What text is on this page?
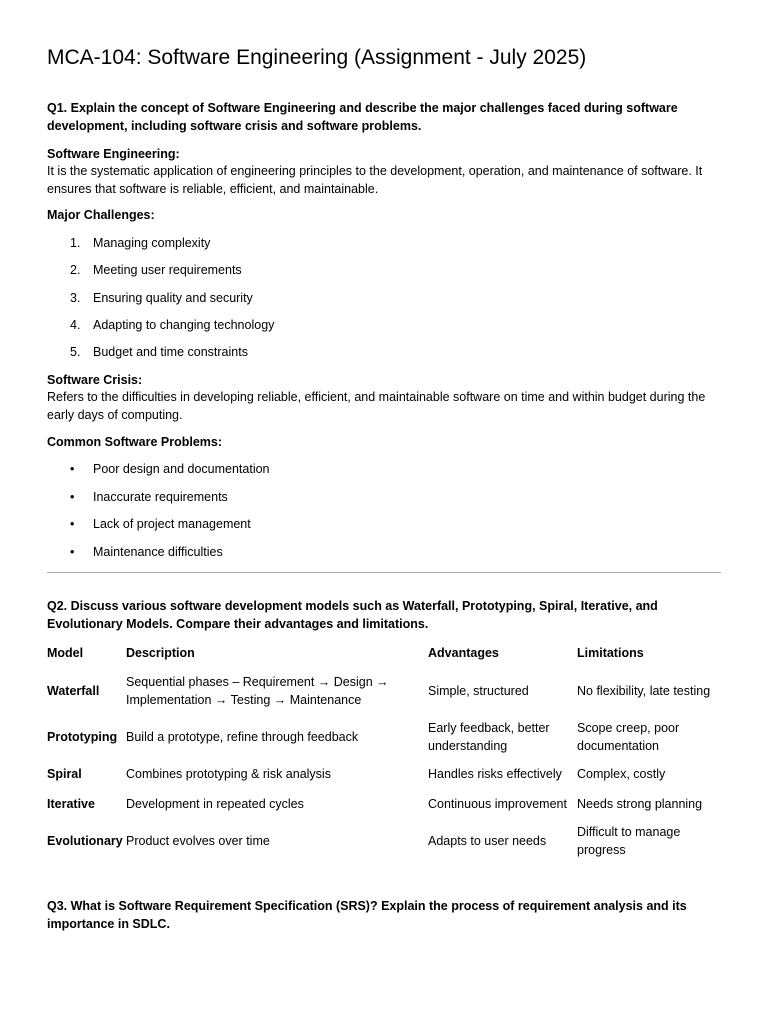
MCA-104: Software Engineering (Assignment - July 2025)
Q1. Explain the concept of Software Engineering and describe the major challenges faced during software development, including software crisis and software problems.
Software Engineering:
It is the systematic application of engineering principles to the development, operation, and maintenance of software. It ensures that software is reliable, efficient, and maintainable.
Major Challenges:
1.	Managing complexity
2.	Meeting user requirements
3.	Ensuring quality and security
4.	Adapting to changing technology
5.	Budget and time constraints
Software Crisis:
Refers to the difficulties in developing reliable, efficient, and maintainable software on time and within budget during the early days of computing.
Common Software Problems:
•	Poor design and documentation
•	Inaccurate requirements
•	Lack of project management
•	Maintenance difficulties
Q2. Discuss various software development models such as Waterfall, Prototyping, Spiral, Iterative, and Evolutionary Models. Compare their advantages and limitations.
Model	Description	Advantages	Limitations
Waterfall	Sequential phases – Requirement → Design → Implementation → Testing → Maintenance	Simple, structured	No flexibility, late testing
Prototyping	Build a prototype, refine through feedback	Early feedback, better understanding	Scope creep, poor documentation
Spiral	Combines prototyping & risk analysis	Handles risks effectively	Complex, costly
Iterative	Development in repeated cycles	Continuous improvement	Needs strong planning
Evolutionary	Product evolves over time	Adapts to user needs	Difficult to manage progress
Q3. What is Software Requirement Specification (SRS)? Explain the process of requirement analysis and its importance in SDLC.
